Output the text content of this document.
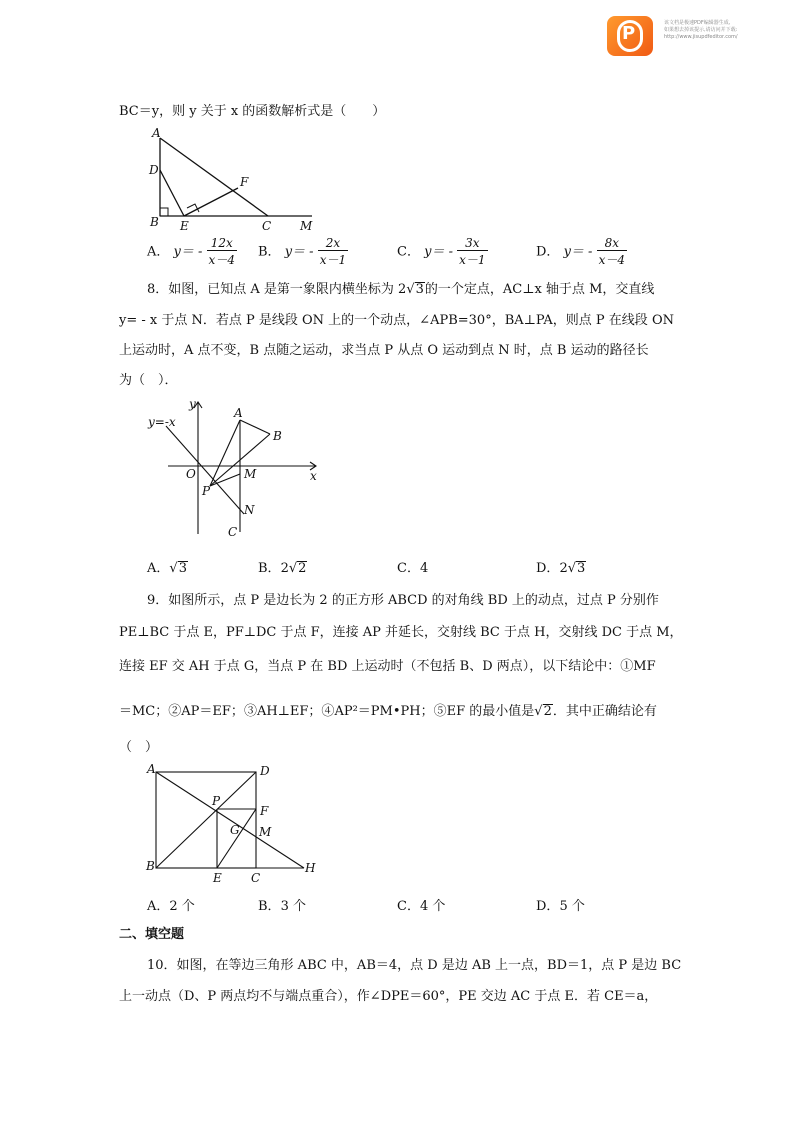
P	该文档是极速PDF编辑器生成,
如果想去掉该提示,请访问并下载:
http://www.jisupdfeditor.com/
BC＝y，则 y 关于 x 的函数解析式是（　　）
A
D
F
B E	C M
A． $y= - \frac{12x}{x-4}$ B． $y= - \frac{2x}{x-1}$	C． $y= - \frac{3x}{x-1}$	D． $y= - \frac{8x}{x-4}$
8．如图，已知点 A 是第一象限内横坐标为 2√3的一个定点，AC⊥x 轴于点 M，交直线
y= - x 于点 N．若点 P 是线段 ON 上的一个动点，∠APB=30°，BA⊥PA，则点 P 在线段 ON
上运动时，A 点不变，B 点随之运动，求当点 P 从点 O 运动到点 N 时，点 B 运动的路径长
为（　）．
y=-x
y
A
B
O	M	x
P
N
C
A．√3	B．2√2	C．4	D．2√3
9．如图所示，点 P 是边长为 2 的正方形 ABCD 的对角线 BD 上的动点，过点 P 分别作
PE⊥BC 于点 E，PF⊥DC 于点 F，连接 AP 并延长，交射线 BC 于点 H，交射线 DC 于点 M，
连接 EF 交 AH 于点 G，当点 P 在 BD 上运动时（不包括 B、D 两点），以下结论中：①MF
＝MC；②AP＝EF；③AH⊥EF；④AP²＝PM•PH；⑤EF 的最小值是√2．其中正确结论有
（　）
A	D
P
F
G M
B
E C
H
A．2 个	B．3 个	C．4 个	D．5 个
二、填空题
10．如图，在等边三角形 ABC 中，AB＝4，点 D 是边 AB 上一点，BD＝1，点 P 是边 BC
上一动点（D、P 两点均不与端点重合），作∠DPE＝60°，PE 交边 AC 于点 E．若 CE＝a，
